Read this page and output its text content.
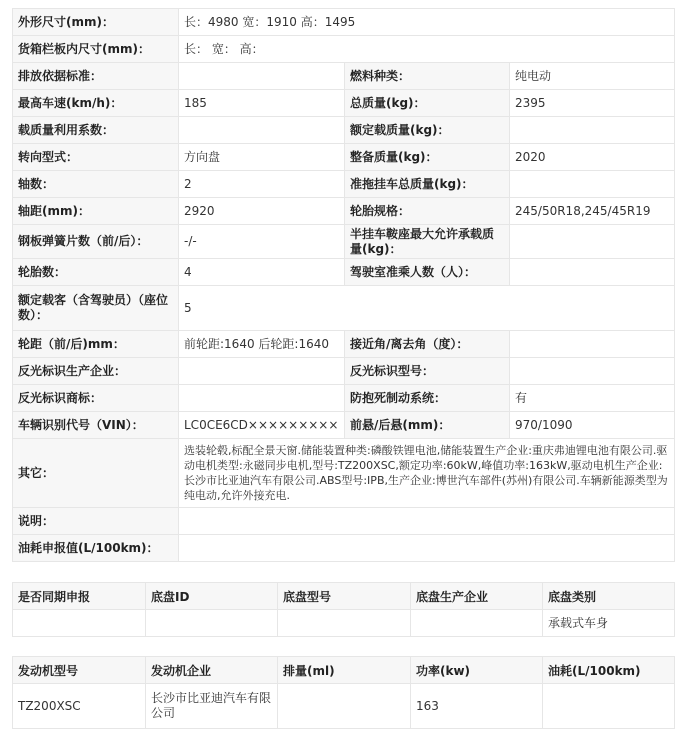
外形尺寸(mm)：	长：4980 宽：1910 高：1495		
货箱栏板内尺寸(mm)：	长： 宽： 高：		
排放依据标准：		燃料种类：	纯电动
最高车速(km/h)：	185	总质量(kg)：	2395
载质量利用系数：		额定载质量(kg)：	
转向型式：	方向盘	整备质量(kg)：	2020
轴数：	2	准拖挂车总质量(kg)：	
轴距(mm)：	2920	轮胎规格：	245/50R18,245/45R19
钢板弹簧片数（前/后）：	-/-	半挂车鞍座最大允许承载质量(kg)：	
轮胎数：	4	驾驶室准乘人数（人）：	
额定载客（含驾驶员）（座位数）：	5		
轮距（前/后)mm：	前轮距:1640 后轮距:1640	接近角/离去角（度）：	
反光标识生产企业：		反光标识型号：	
反光标识商标：		防抱死制动系统：	有
车辆识别代号（VIN）：	LC0CE6CD×××××××××	前悬/后悬(mm)：	970/1090
其它：	选装轮毂,标配全景天窗.储能装置种类:磷酸铁锂电池,储能装置生产企业:重庆弗迪锂电池有限公司.驱动电机类型:永磁同步电机,型号:TZ200XSC,额定功率:60kW,峰值功率:163kW,驱动电机生产企业:长沙市比亚迪汽车有限公司.ABS型号:IPB,生产企业:博世汽车部件(苏州)有限公司.车辆新能源类型为纯电动,允许外接充电.		
说明：			
油耗申报值(L/100km)：			
是否同期申报	底盘ID	底盘型号	底盘生产企业	底盘类别
				承载式车身
发动机型号	发动机企业	排量(ml)	功率(kw)	油耗(L/100km)
TZ200XSC	长沙市比亚迪汽车有限公司		163	
